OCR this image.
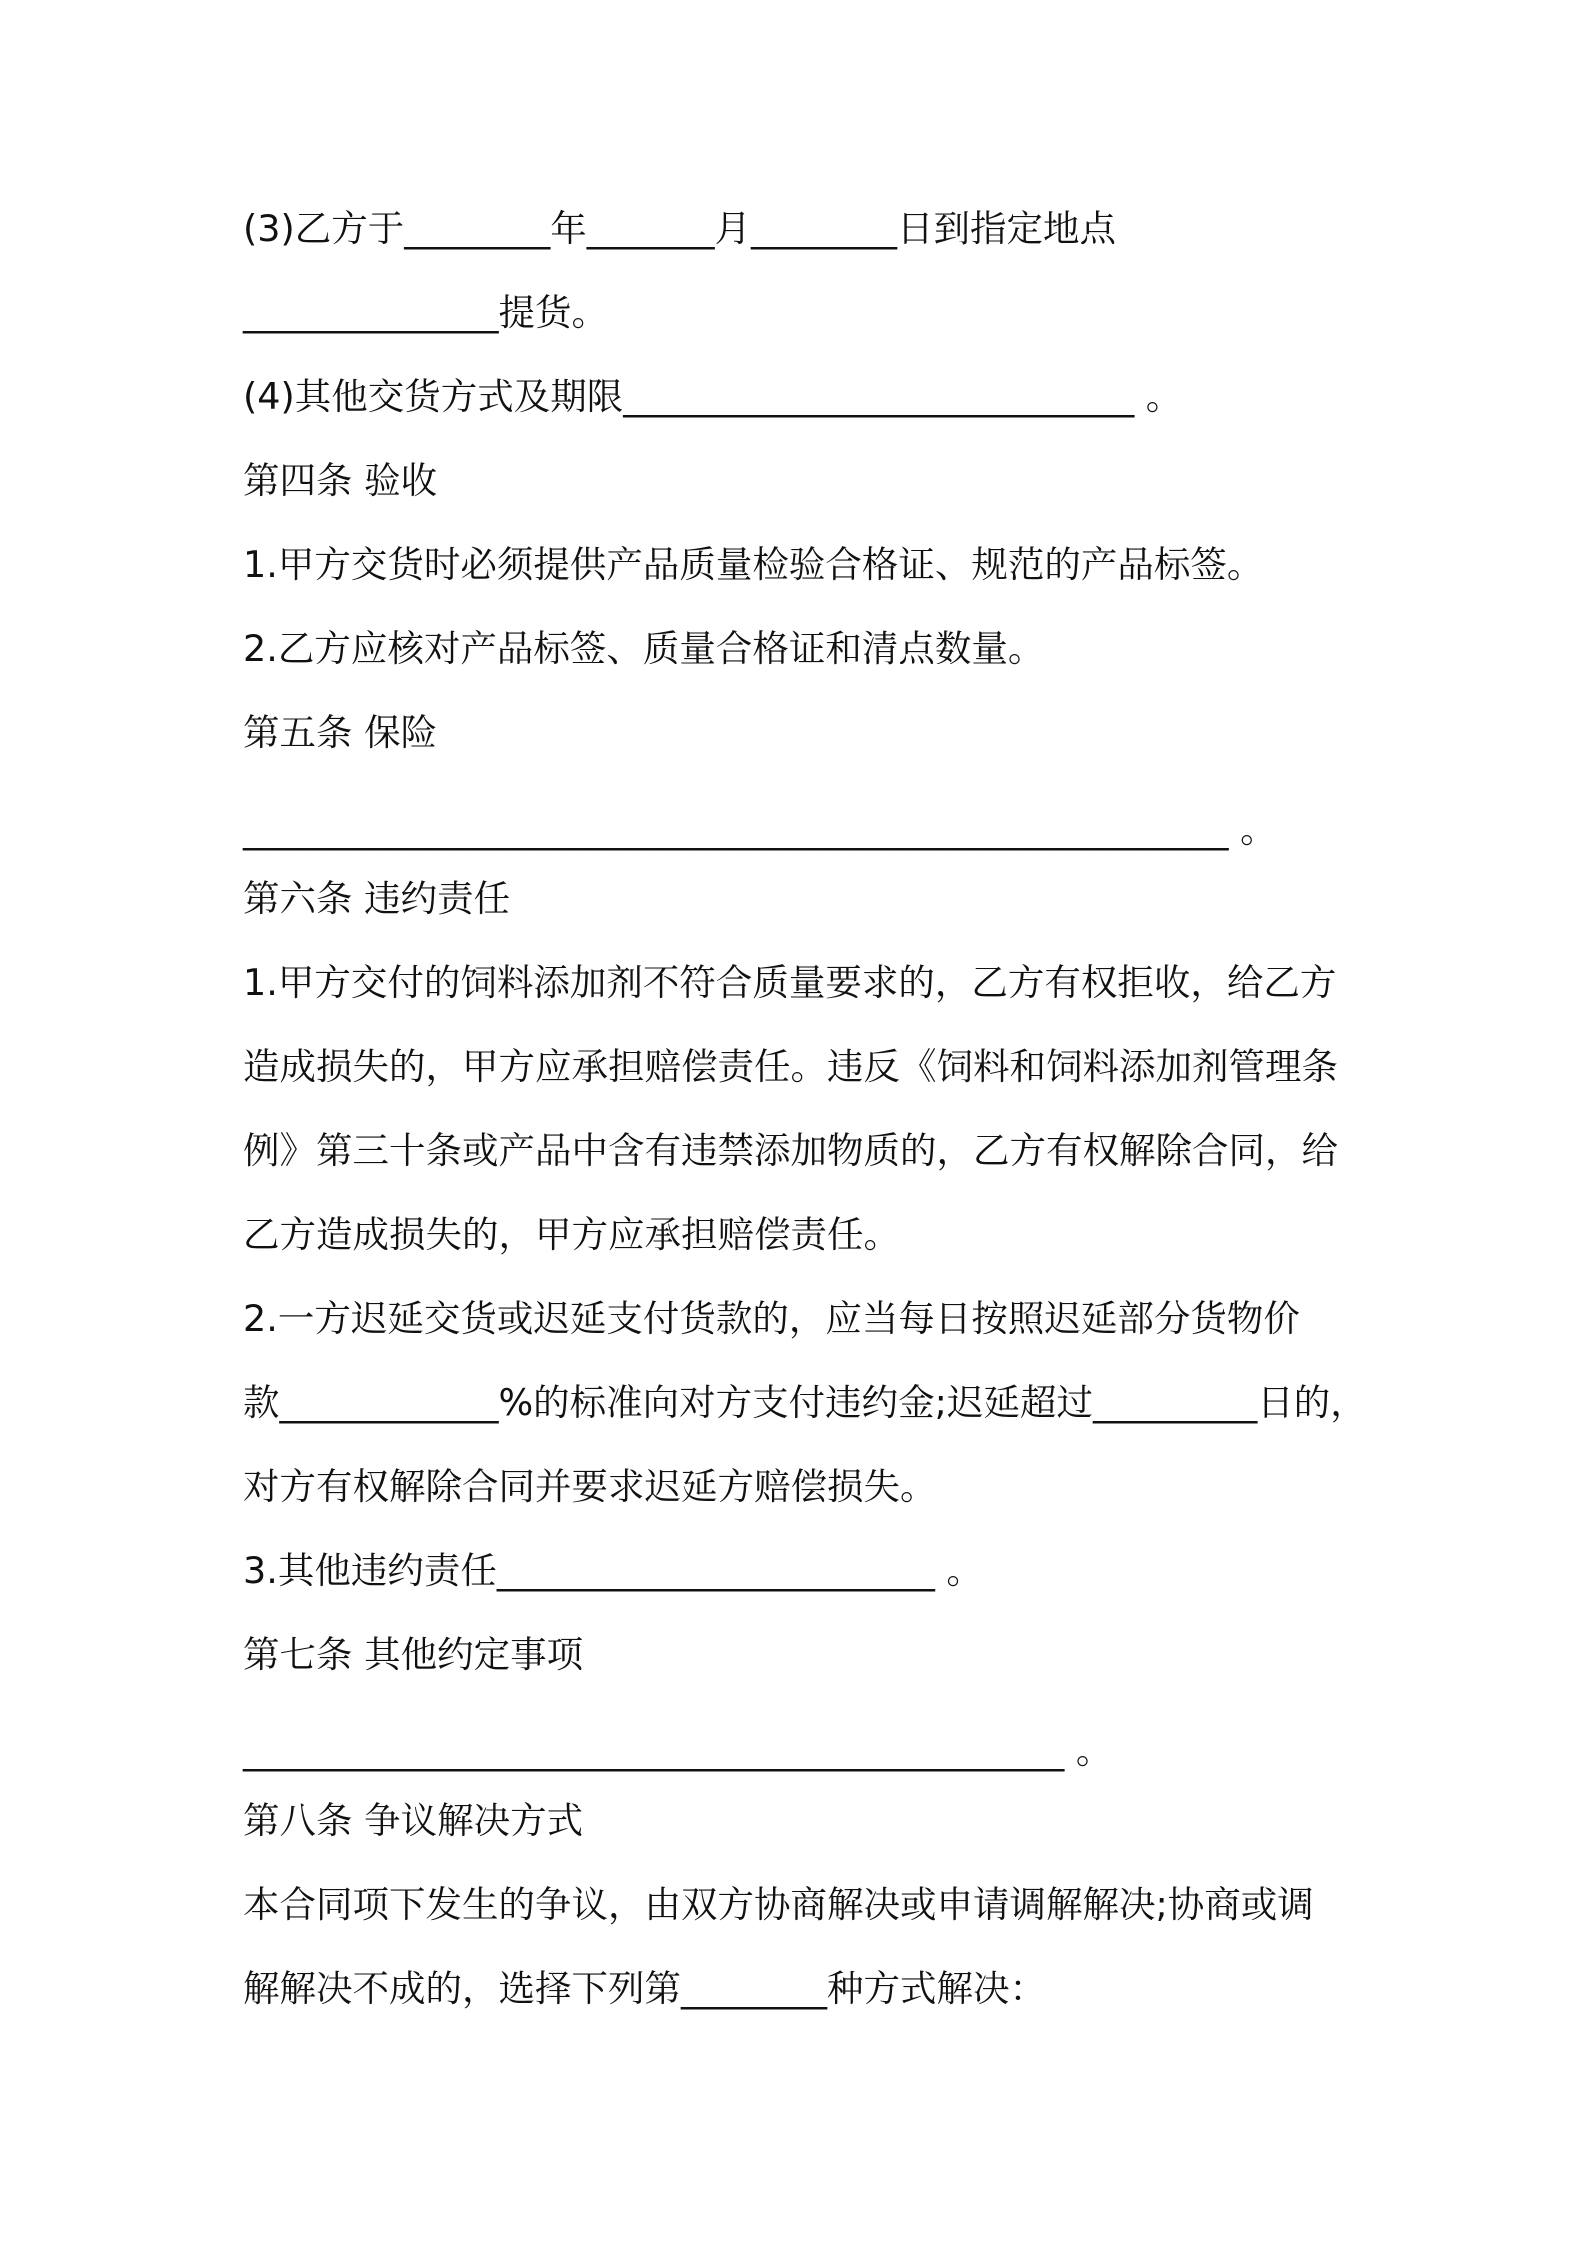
(3)乙方于________年_______月________日到指定地点
______________提货。
(4)其他交货方式及期限____________________________ 。
第四条 验收
1.甲方交货时必须提供产品质量检验合格证、规范的产品标签。
2.乙方应核对产品标签、质量合格证和清点数量。
第五条 保险
______________________________________________________ 。
第六条 违约责任
1.甲方交付的饲料添加剂不符合质量要求的，乙方有权拒收，给乙方
造成损失的，甲方应承担赔偿责任。违反《饲料和饲料添加剂管理条
例》第三十条或产品中含有违禁添加物质的，乙方有权解除合同，给
乙方造成损失的，甲方应承担赔偿责任。
2.一方迟延交货或迟延支付货款的，应当每日按照迟延部分货物价
款____________%的标准向对方支付违约金;迟延超过_________日的，
对方有权解除合同并要求迟延方赔偿损失。
3.其他违约责任________________________ 。
第七条 其他约定事项
_____________________________________________ 。
第八条 争议解决方式
本合同项下发生的争议，由双方协商解决或申请调解解决;协商或调
解解决不成的，选择下列第________种方式解决：
